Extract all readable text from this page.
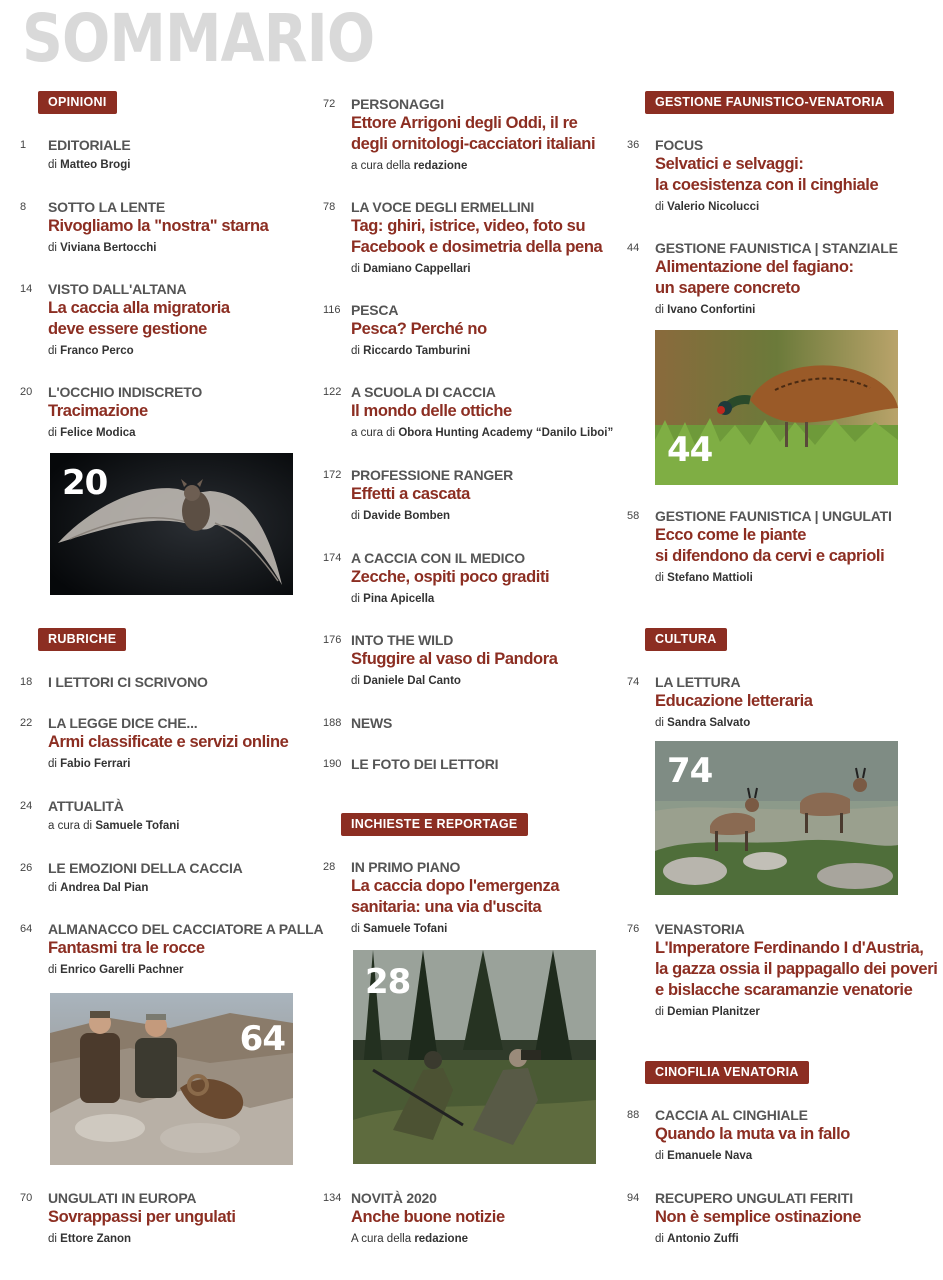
SOMMARIO
OPINIONI
1	EDITORIALE
di Matteo Brogi
8	SOTTO LA LENTE
Rivogliamo la "nostra" starna
di Viviana Bertocchi
14	VISTO DALL'ALTANA
La caccia alla migratoria
deve essere gestione
di Franco Perco
20	L'OCCHIO INDISCRETO
Tracimazione
di Felice Modica
20
RUBRICHE
18	I LETTORI CI SCRIVONO
22	LA LEGGE DICE CHE...
Armi classificate e servizi online
di Fabio Ferrari
24	ATTUALITÀ
a cura di Samuele Tofani
26	LE EMOZIONI DELLA CACCIA
di Andrea Dal Pian
64	ALMANACCO DEL CACCIATORE A PALLA
Fantasmi tra le rocce
di Enrico Garelli Pachner
64
70	UNGULATI IN EUROPA
Sovrappassi per ungulati
di Ettore Zanon
72	PERSONAGGI
Ettore Arrigoni degli Oddi, il re
degli ornitologi-cacciatori italiani
a cura della redazione
78	LA VOCE DEGLI ERMELLINI
Tag: ghiri, istrice, video, foto su
Facebook e dosimetria della pena
di Damiano Cappellari
116 PESCA
Pesca? Perché no
di Riccardo Tamburini
122 A SCUOLA DI CACCIA
Il mondo delle ottiche
a cura di Obora Hunting Academy “Danilo Liboi”
172 PROFESSIONE RANGER
Effetti a cascata
di Davide Bomben
174 A CACCIA CON IL MEDICO
Zecche, ospiti poco graditi
di Pina Apicella
176 INTO THE WILD
Sfuggire al vaso di Pandora
di Daniele Dal Canto
188 NEWS
190 LE FOTO DEI LETTORI
INCHIESTE E REPORTAGE
28	IN PRIMO PIANO
La caccia dopo l'emergenza
sanitaria: una via d'uscita
di Samuele Tofani
28
134 NOVITÀ 2020
Anche buone notizie
A cura della redazione
GESTIONE FAUNISTICO-VENATORIA
36	FOCUS
Selvatici e selvaggi:
la coesistenza con il cinghiale
di Valerio Nicolucci
44	GESTIONE FAUNISTICA | STANZIALE
Alimentazione del fagiano:
un sapere concreto
di Ivano Confortini
44
58	GESTIONE FAUNISTICA | UNGULATI
Ecco come le piante
si difendono da cervi e caprioli
di Stefano Mattioli
CULTURA
74	LA LETTURA
Educazione letteraria
di Sandra Salvato
74
76	VENASTORIA
L'Imperatore Ferdinando I d'Austria,
la gazza ossia il pappagallo dei poveri
e bislacche scaramanzie venatorie
di Demian Planitzer
CINOFILIA VENATORIA
88	CACCIA AL CINGHIALE
Quando la muta va in fallo
di Emanuele Nava
94	RECUPERO UNGULATI FERITI
Non è semplice ostinazione
di Antonio Zuffi
